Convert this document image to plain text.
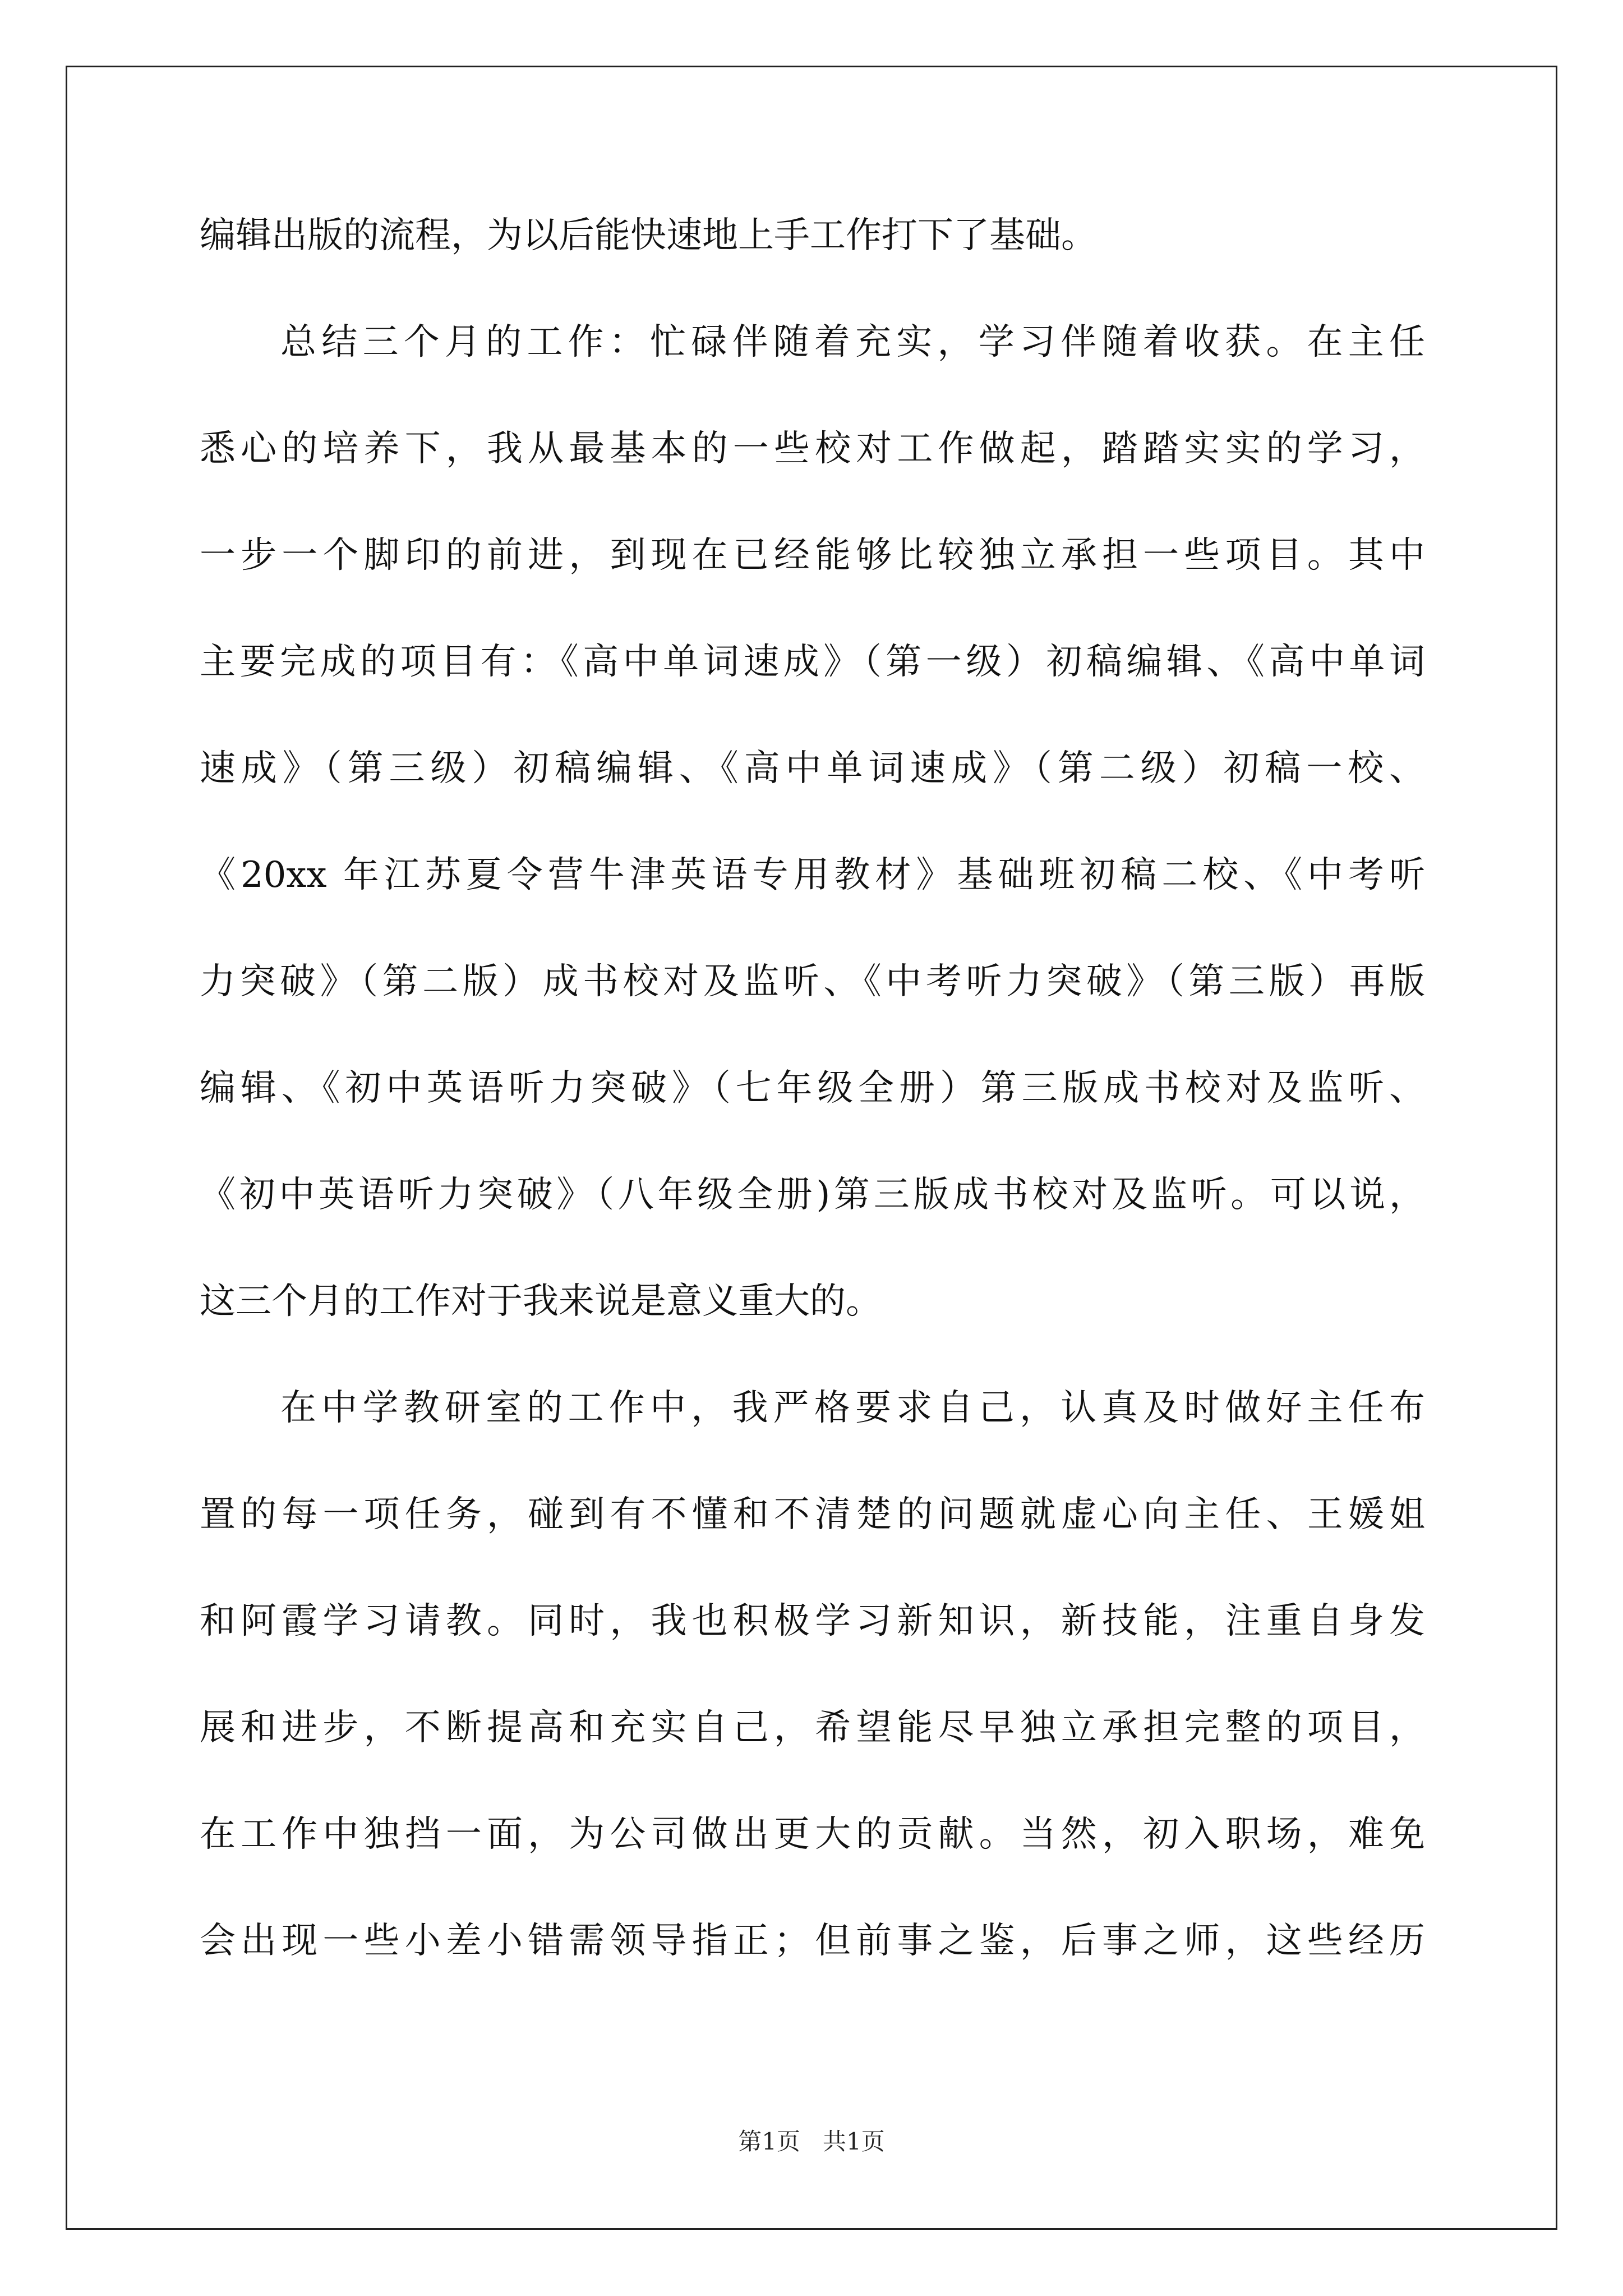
编辑出版的流程，为以后能快速地上手工作打下了基础。
总结三个月的工作：忙碌伴随着充实，学习伴随着收获。在主任
悉心的培养下，我从最基本的一些校对工作做起，踏踏实实的学习，
一步一个脚印的前进，到现在已经能够比较独立承担一些项目。其中
主要完成的项目有：《高中单词速成》（第一级）初稿编辑、《高中单词
速成》（第三级）初稿编辑、《高中单词速成》（第二级）初稿一校、
《20xx 年江苏夏令营牛津英语专用教材》基础班初稿二校、《中考听
力突破》（第二版）成书校对及监听、《中考听力突破》（第三版）再版
编辑、《初中英语听力突破》（七年级全册）第三版成书校对及监听、
《初中英语听力突破》（八年级全册)第三版成书校对及监听。可以说，
这三个月的工作对于我来说是意义重大的。
在中学教研室的工作中，我严格要求自己，认真及时做好主任布
置的每一项任务，碰到有不懂和不清楚的问题就虚心向主任、王媛姐
和阿霞学习请教。同时，我也积极学习新知识，新技能，注重自身发
展和进步，不断提高和充实自己，希望能尽早独立承担完整的项目，
在工作中独挡一面，为公司做出更大的贡献。当然，初入职场，难免
会出现一些小差小错需领导指正；但前事之鉴，后事之师，这些经历
第1页 共1页
